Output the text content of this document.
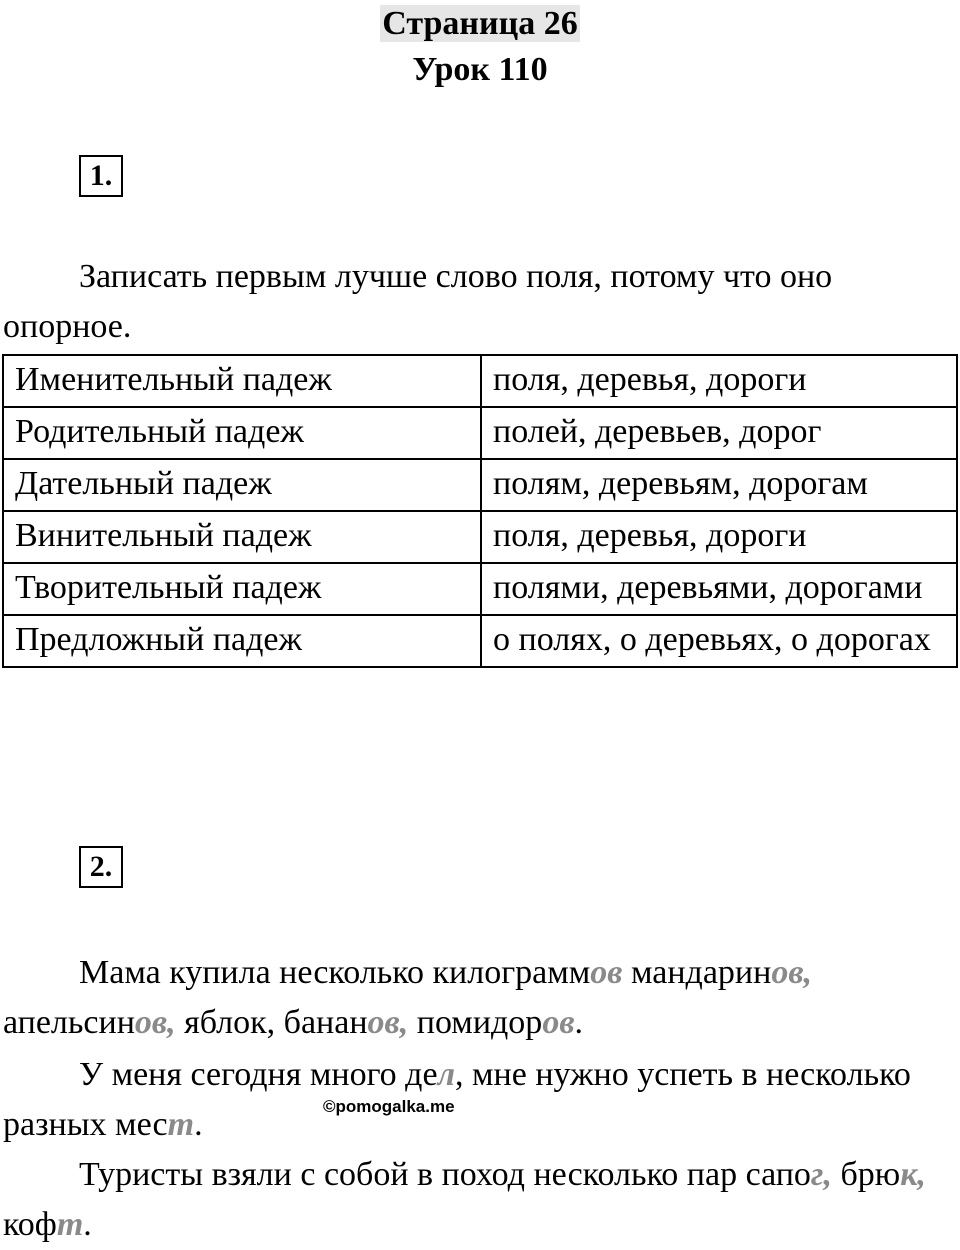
Страница 26
Урок 110
1.

Записать первым лучше слово поля, потому что оно опорное.

Именительный падеж	поля, деревья, дороги
Родительный падеж	полей, деревьев, дорог
Дательный падеж	полям, деревьям, дорогам
Винительный падеж	поля, деревья, дороги
Творительный падеж	полями, деревьями, дорогами
Предложный падеж	о полях, о деревьях, о дорогах
2.

Мама купила несколько килограммов мандаринов, апельсинов, яблок, бананов, помидоров.

У меня сегодня много дел, мне нужно успеть в несколько разных мест.

Туристы взяли с собой в поход несколько пар сапог, брюк, кофт.

©pomogalka.me
